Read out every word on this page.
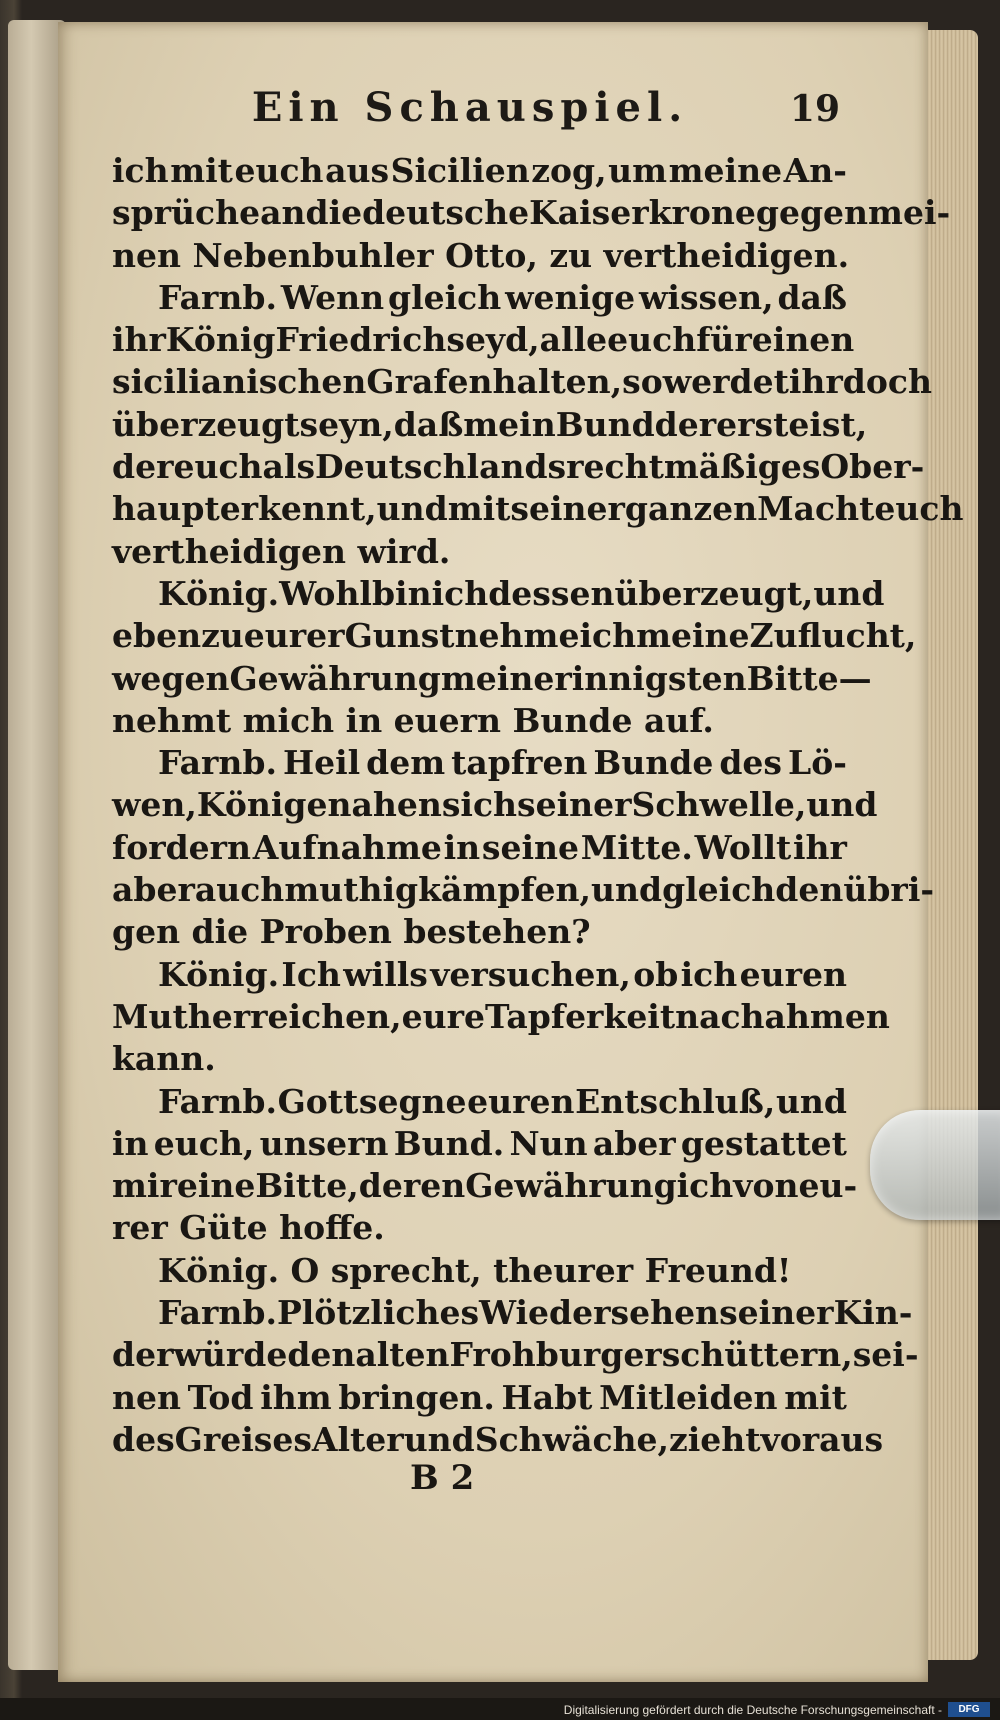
Ein Schauspiel.	19
ich mit euch aus Sicilien zog, um meine An-
sprüche an die deutsche Kaiserkrone gegen mei-
nen Nebenbuhler Otto, zu vertheidigen.
Farnb. Wenn gleich wenige wissen, daß
ihr König Friedrich seyd, alle euch für einen
sicilianischen Grafen halten, so werdet ihr doch
überzeugt seyn, daß mein Bund der erste ist,
der euch als Deutschlands rechtmäßiges Ober-
haupt erkennt, und mit seiner ganzen Macht euch
vertheidigen wird.
König. Wohl bin ich dessen überzeugt, und
eben zu eurer Gunst nehme ich meine Zuflucht,
wegen Gewährung meiner innigsten Bitte —
nehmt mich in euern Bunde auf.
Farnb. Heil dem tapfren Bunde des Lö-
wen, Könige nahen sich seiner Schwelle, und
fordern Aufnahme in seine Mitte. Wollt ihr
aber auch muthig kämpfen, und gleich den übri-
gen die Proben bestehen?
König. Ich wills versuchen, ob ich euren
Muth erreichen, eure Tapferkeit nachahmen
kann.
Farnb. Gott segne euren Entschluß, und
in euch, unsern Bund. Nun aber gestattet
mir eine Bitte, deren Gewährung ich von eu-
rer Güte hoffe.
König. O sprecht, theurer Freund!
Farnb. Plötzliches Wiedersehen seiner Kin-
der würde den alten Frohburg erschüttern, sei-
nen Tod ihm bringen. Habt Mitleiden mit
des Greises Alter und Schwäche, zieht voraus
B 2
Digitalisierung gefördert durch die Deutsche Forschungsgemeinschaft -	DFG
